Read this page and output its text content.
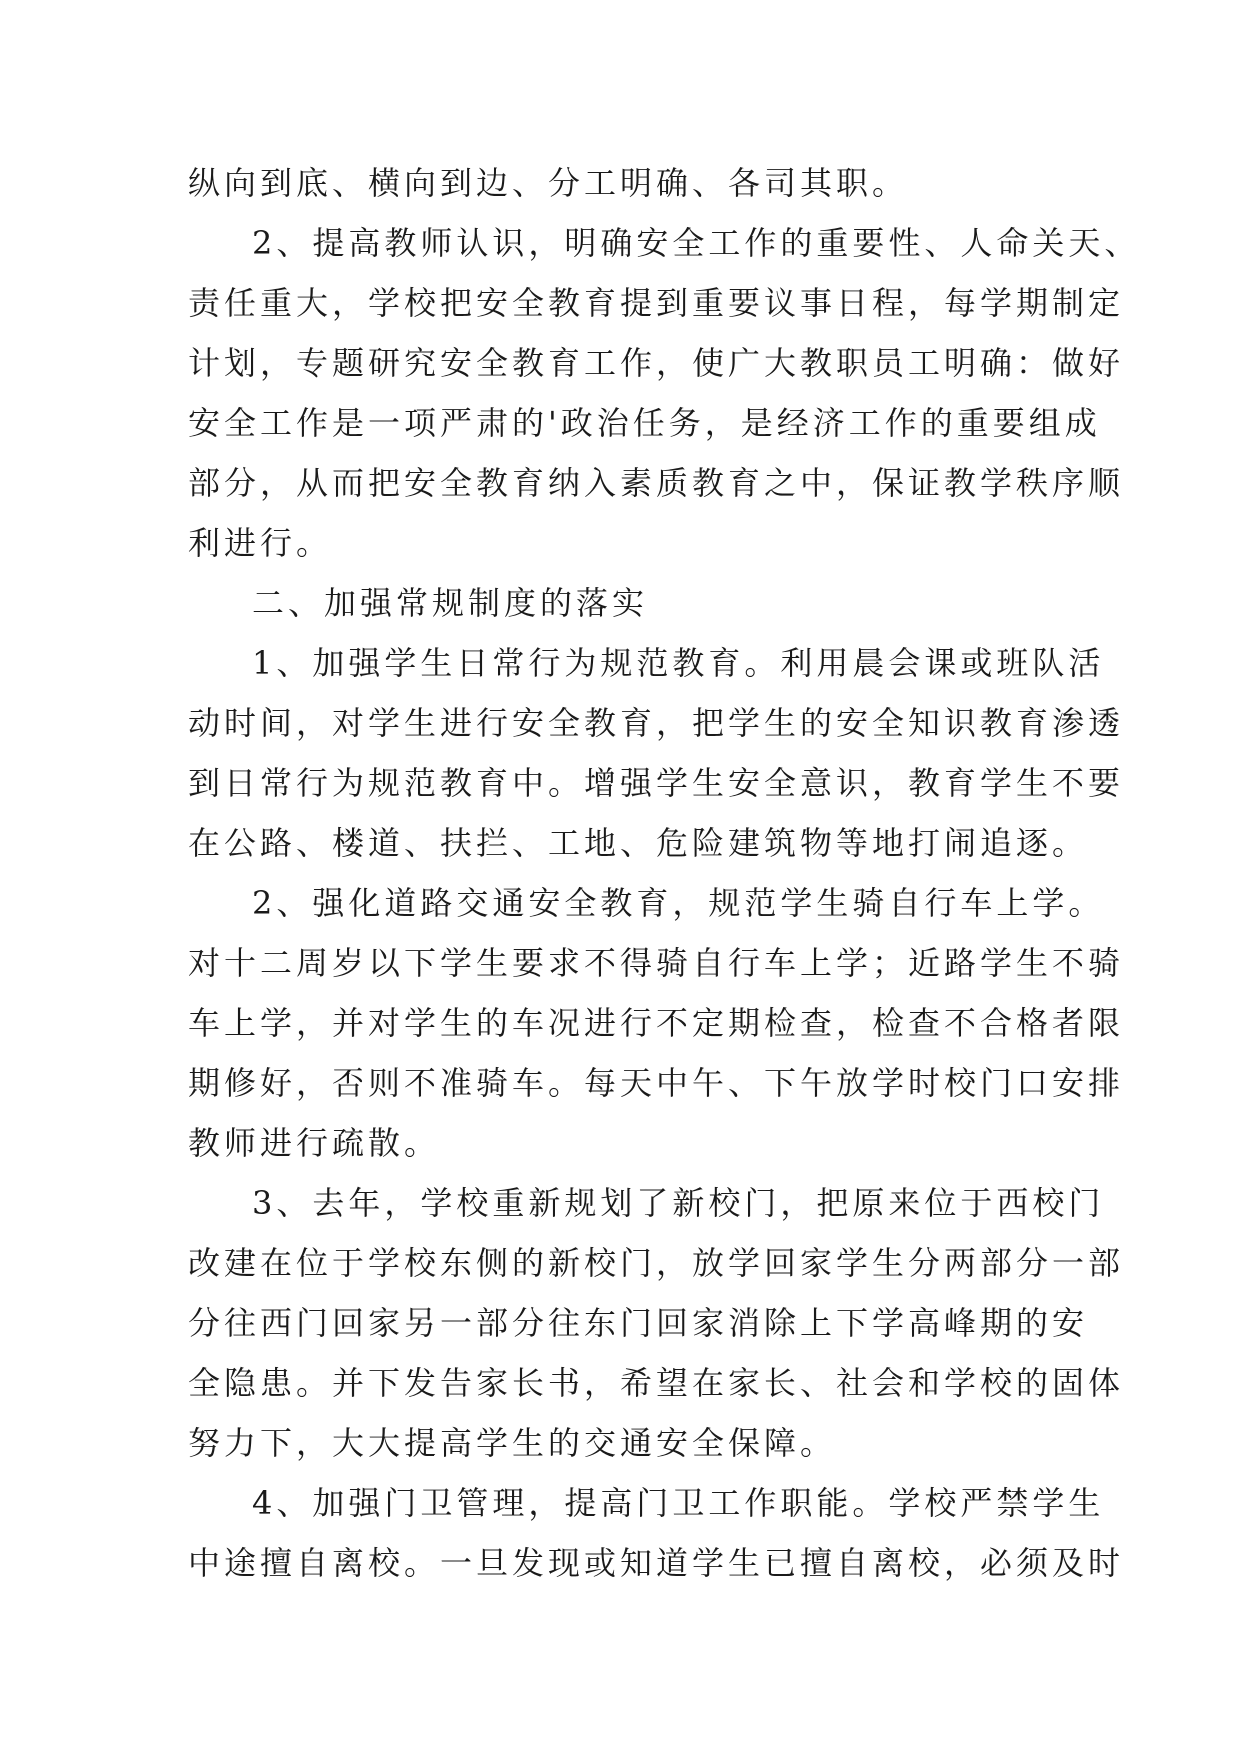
纵向到底、横向到边、分工明确、各司其职。
2、提高教师认识，明确安全工作的重要性、人命关天、
责任重大，学校把安全教育提到重要议事日程，每学期制定
计划，专题研究安全教育工作，使广大教职员工明确：做好
安全工作是一项严肃的'政治任务，是经济工作的重要组成
部分，从而把安全教育纳入素质教育之中，保证教学秩序顺
利进行。
二、加强常规制度的落实
1、加强学生日常行为规范教育。利用晨会课或班队活
动时间，对学生进行安全教育，把学生的安全知识教育渗透
到日常行为规范教育中。增强学生安全意识，教育学生不要
在公路、楼道、扶拦、工地、危险建筑物等地打闹追逐。
2、强化道路交通安全教育，规范学生骑自行车上学。
对十二周岁以下学生要求不得骑自行车上学；近路学生不骑
车上学，并对学生的车况进行不定期检查，检查不合格者限
期修好，否则不准骑车。每天中午、下午放学时校门口安排
教师进行疏散。
3、去年，学校重新规划了新校门，把原来位于西校门
改建在位于学校东侧的新校门，放学回家学生分两部分一部
分往西门回家另一部分往东门回家消除上下学高峰期的安
全隐患。并下发告家长书，希望在家长、社会和学校的固体
努力下，大大提高学生的交通安全保障。
4、加强门卫管理，提高门卫工作职能。学校严禁学生
中途擅自离校。一旦发现或知道学生已擅自离校，必须及时
